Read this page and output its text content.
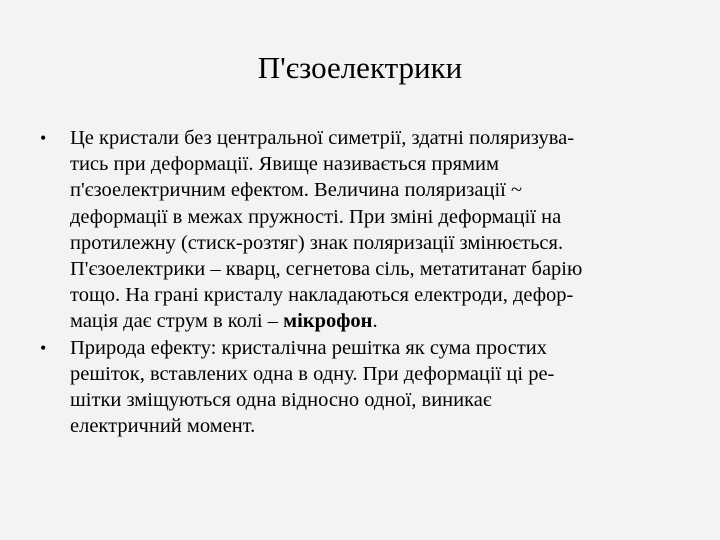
П'єзоелектрики
•	Це кристали без центральної симетрії, здатні поляризува-
тись при деформації. Явище називається прямим
п'єзоелектричним ефектом. Величина поляризації ~
деформації в межах пружності. При зміні деформації на
протилежну (стиск-розтяг) знак поляризації змінюється.
П'єзоелектрики – кварц, сегнетова сіль, метатитанат барію
тощо. На грані кристалу накладаються електроди, дефор-
мація дає струм в колі – мікрофон.
•	Природа ефекту: кристалічна решітка як сума простих
решіток, вставлених одна в одну. При деформації ці ре-
шітки зміщуються одна відносно одної, виникає
електричний момент.
